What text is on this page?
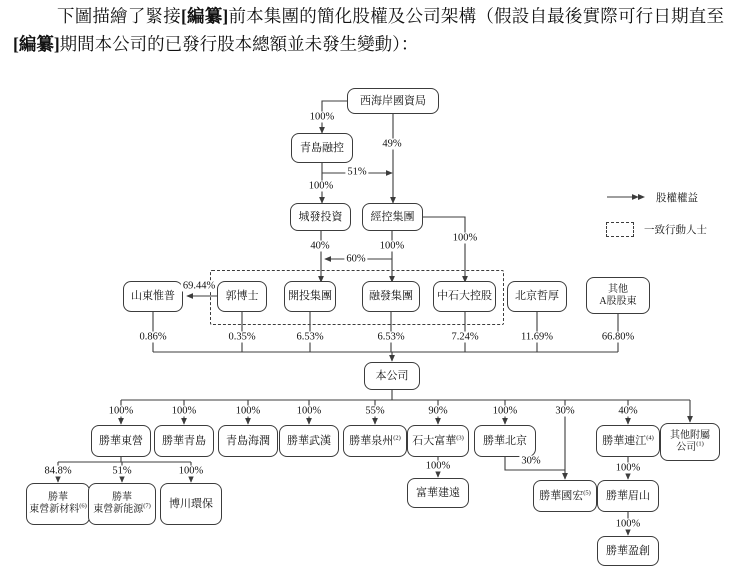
下圖描繪了緊接[編纂]前本集團的簡化股權及公司架構（假設自最後實際可行日期直至[編纂]期間本公司的已發行股本總額並未發生變動）：

西海岸國資局
青島融控
城發投資	經控集團
山東惟普	郭博士	開投集團	融發集團 中石大控股 北京哲厚
其他
A股股東
本公司
勝華東營 勝華青島 青島海潤 勝華武漢 勝華泉州$^{(2)}$ 石大富華$^{(3)}$ 勝華北京	勝華連江$^{(4)}$ 其他附屬
公司$^{(1)}$
勝華
東營新材料$^{(6)}$
勝華
東營新能源$^{(7)}$ 博川環保
富華建遠	勝華國宏$^{(5)}$ 勝華眉山
勝華盈創
100%
49%
51%
100%
40%
60%
100%
100%
69.44%
0.86%	0.35%	6.53%	6.53%	7.24%	11.69%	66.80%
100%	100%	100%	100%	55%	90%	100%	30%	40%
84.8%	51%	100%	100%	30%
100%
100%
股權權益
一致行動人士
